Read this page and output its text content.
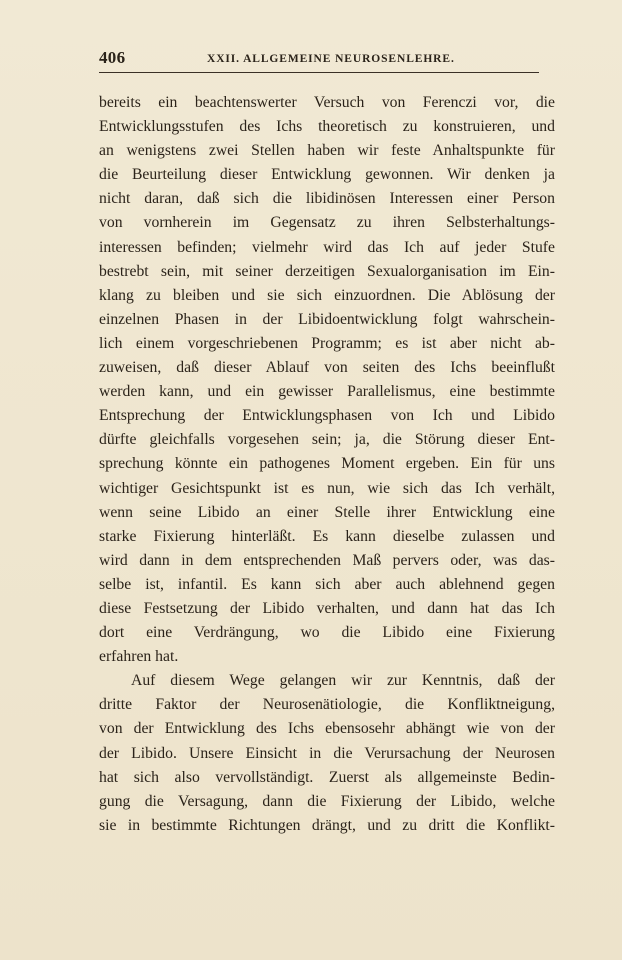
406	XXII. ALLGEMEINE NEUROSENLEHRE.
bereits ein beachtenswerter Versuch von Ferenczi vor, die
Entwicklungsstufen des Ichs theoretisch zu konstruieren, und
an wenigstens zwei Stellen haben wir feste Anhaltspunkte für
die Beurteilung dieser Entwicklung gewonnen. Wir denken ja
nicht daran, daß sich die libidinösen Interessen einer Person
von vornherein im Gegensatz zu ihren Selbsterhaltungs-
interessen befinden; vielmehr wird das Ich auf jeder Stufe
bestrebt sein, mit seiner derzeitigen Sexualorganisation im Ein-
klang zu bleiben und sie sich einzuordnen. Die Ablösung der
einzelnen Phasen in der Libidoentwicklung folgt wahrschein-
lich einem vorgeschriebenen Programm; es ist aber nicht ab-
zuweisen, daß dieser Ablauf von seiten des Ichs beeinflußt
werden kann, und ein gewisser Parallelismus, eine bestimmte
Entsprechung der Entwicklungsphasen von Ich und Libido
dürfte gleichfalls vorgesehen sein; ja, die Störung dieser Ent-
sprechung könnte ein pathogenes Moment ergeben. Ein für uns
wichtiger Gesichtspunkt ist es nun, wie sich das Ich verhält,
wenn seine Libido an einer Stelle ihrer Entwicklung eine
starke Fixierung hinterläßt. Es kann dieselbe zulassen und
wird dann in dem entsprechenden Maß pervers oder, was das-
selbe ist, infantil. Es kann sich aber auch ablehnend gegen
diese Festsetzung der Libido verhalten, und dann hat das Ich
dort eine Verdrängung, wo die Libido eine Fixierung
erfahren hat.
Auf diesem Wege gelangen wir zur Kenntnis, daß der
dritte Faktor der Neurosenätiologie, die Konfliktneigung,
von der Entwicklung des Ichs ebensosehr abhängt wie von der
der Libido. Unsere Einsicht in die Verursachung der Neurosen
hat sich also vervollständigt. Zuerst als allgemeinste Bedin-
gung die Versagung, dann die Fixierung der Libido, welche
sie in bestimmte Richtungen drängt, und zu dritt die Konflikt-
